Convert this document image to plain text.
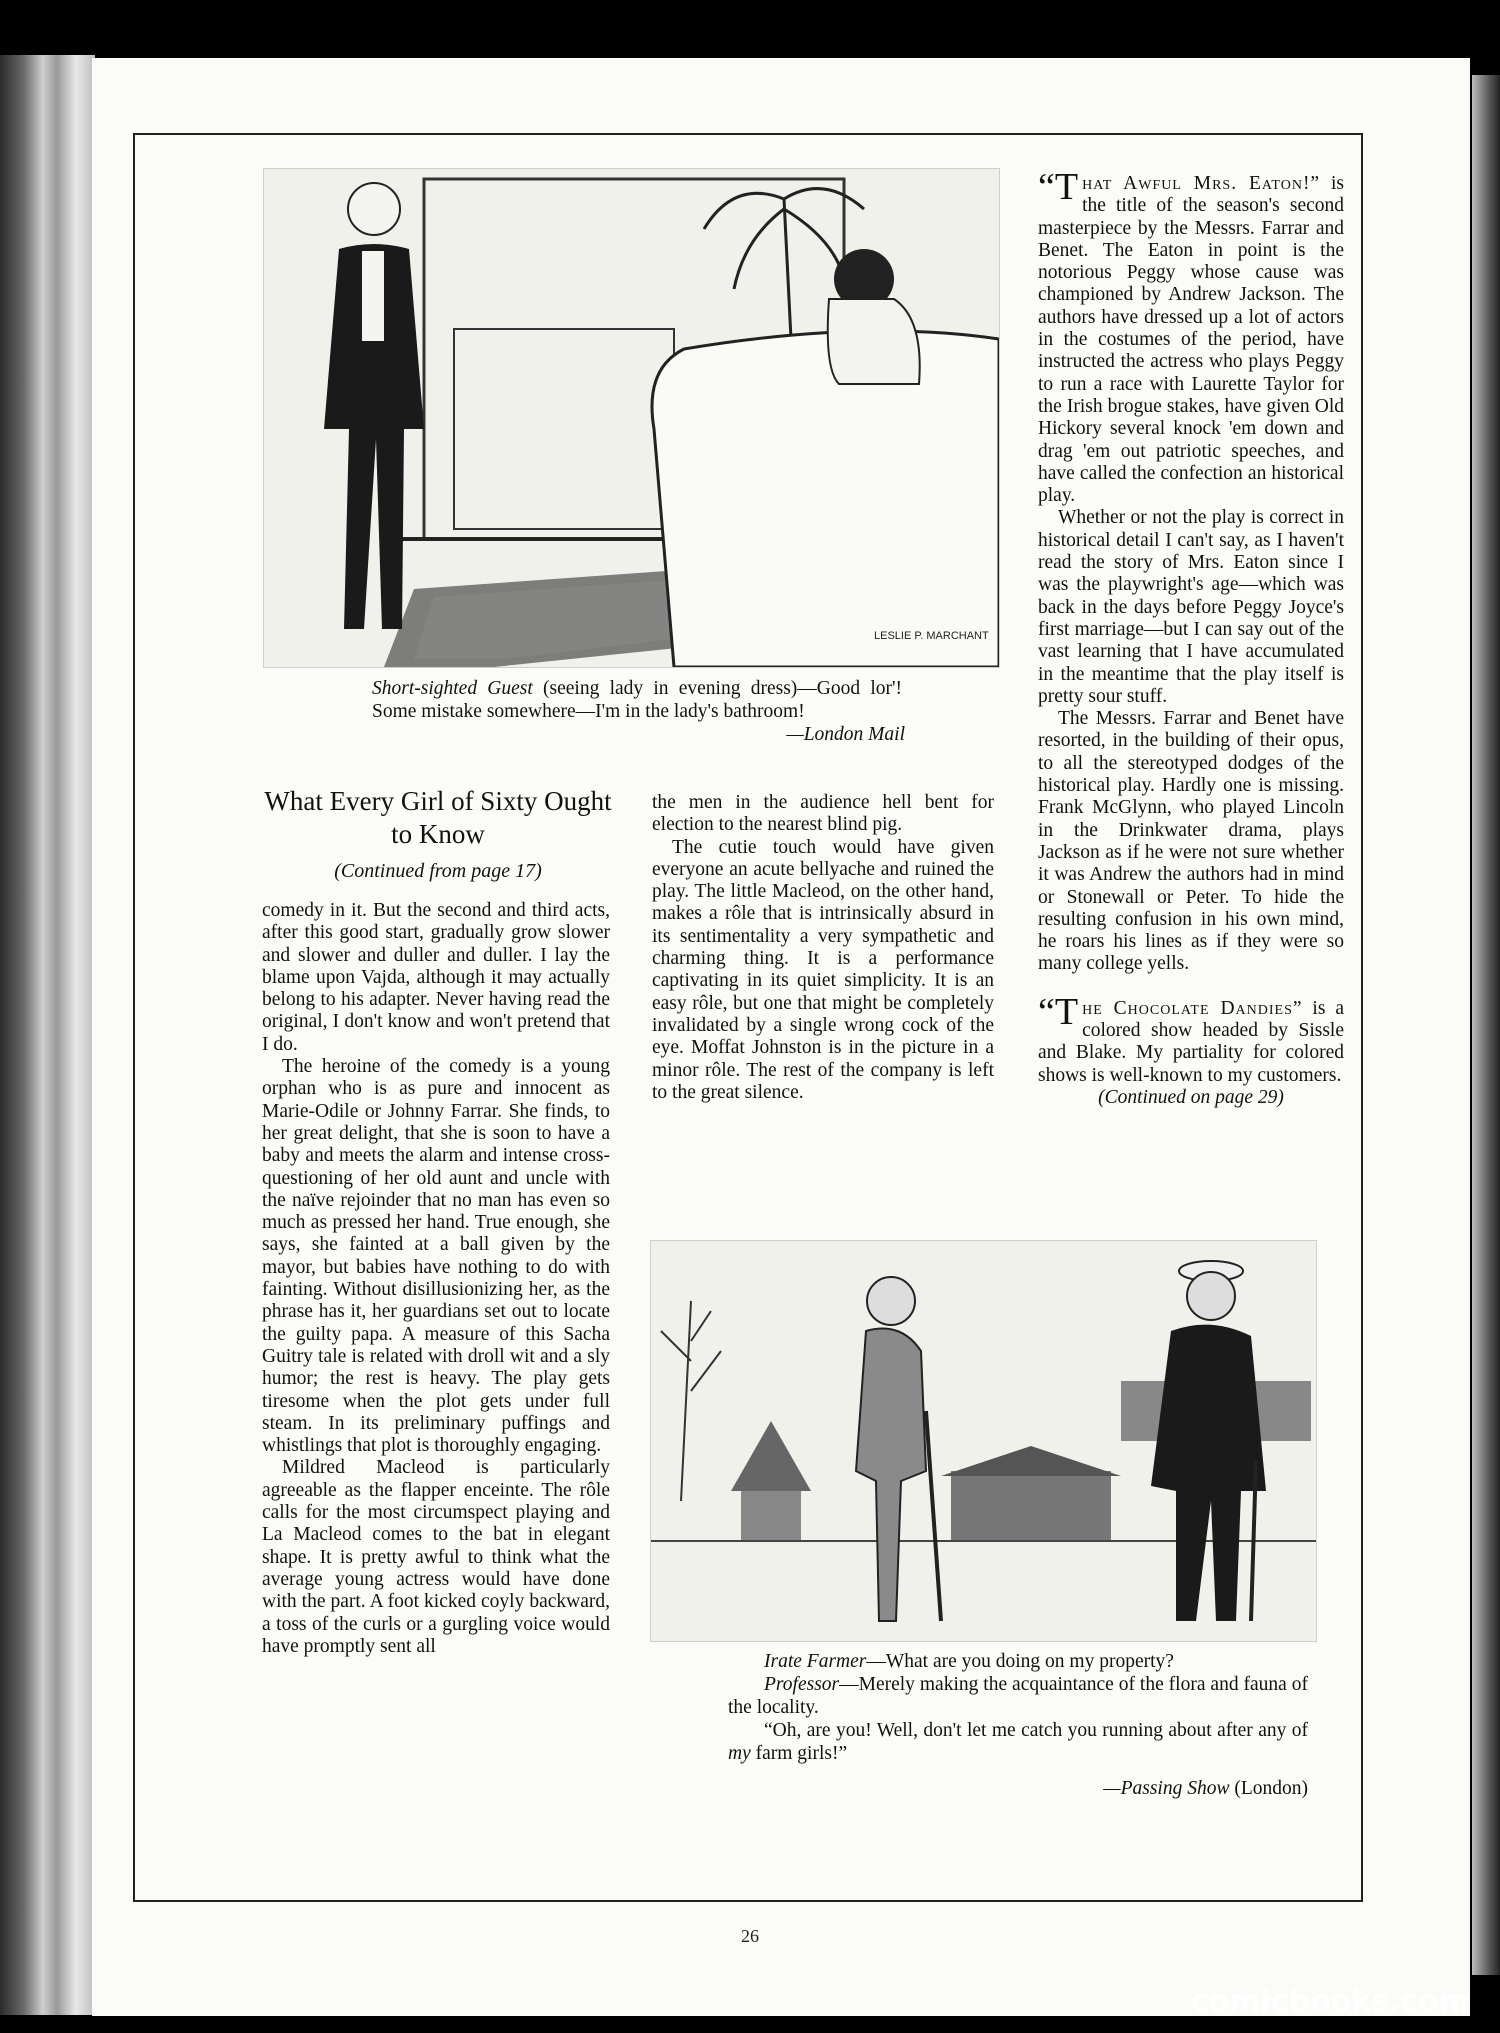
LESLIE P. MARCHANT
Short-sighted Guest (seeing lady in evening dress)—Good lor'! Some mistake somewhere—I'm in the lady's bathroom!
—London Mail
What Every Girl of Sixty Ought to Know
(Continued from page 17)

comedy in it. But the second and third acts, after this good start, gradually grow slower and slower and duller and duller. I lay the blame upon Vajda, although it may actually belong to his adapter. Never having read the original, I don't know and won't pretend that I do.

The heroine of the comedy is a young orphan who is as pure and innocent as Marie-Odile or Johnny Farrar. She finds, to her great delight, that she is soon to have a baby and meets the alarm and intense cross-questioning of her old aunt and uncle with the naïve rejoinder that no man has even so much as pressed her hand. True enough, she says, she fainted at a ball given by the mayor, but babies have nothing to do with fainting. Without disillusionizing her, as the phrase has it, her guardians set out to locate the guilty papa. A measure of this Sacha Guitry tale is related with droll wit and a sly humor; the rest is heavy. The play gets tiresome when the plot gets under full steam. In its preliminary puffings and whistlings that plot is thoroughly engaging.

Mildred Macleod is particularly agreeable as the flapper enceinte. The rôle calls for the most circumspect playing and La Macleod comes to the bat in elegant shape. It is pretty awful to think what the average young actress would have done with the part. A foot kicked coyly backward, a toss of the curls or a gurgling voice would have promptly sent all

the men in the audience hell bent for election to the nearest blind pig.

The cutie touch would have given everyone an acute bellyache and ruined the play. The little Macleod, on the other hand, makes a rôle that is intrinsically absurd in its sentimentality a very sympathetic and charming thing. It is a performance captivating in its quiet simplicity. It is an easy rôle, but one that might be completely invalidated by a single wrong cock of the eye. Moffat Johnston is in the picture in a minor rôle. The rest of the company is left to the great silence.

“That Awful Mrs. Eaton!” is the title of the season's second masterpiece by the Messrs. Farrar and Benet. The Eaton in point is the notorious Peggy whose cause was championed by Andrew Jackson. The authors have dressed up a lot of actors in the costumes of the period, have instructed the actress who plays Peggy to run a race with Laurette Taylor for the Irish brogue stakes, have given Old Hickory several knock 'em down and drag 'em out patriotic speeches, and have called the confection an historical play.

Whether or not the play is correct in historical detail I can't say, as I haven't read the story of Mrs. Eaton since I was the playwright's age—which was back in the days before Peggy Joyce's first marriage—but I can say out of the vast learning that I have accumulated in the meantime that the play itself is pretty sour stuff.

The Messrs. Farrar and Benet have resorted, in the building of their opus, to all the stereotyped dodges of the historical play. Hardly one is missing. Frank McGlynn, who played Lincoln in the Drinkwater drama, plays Jackson as if he were not sure whether it was Andrew the authors had in mind or Stonewall or Peter. To hide the resulting confusion in his own mind, he roars his lines as if they were so many college yells.

“The Chocolate Dandies” is a colored show headed by Sissle and Blake. My partiality for colored shows is well-known to my customers.

(Continued on page 29)

Irate Farmer—What are you doing on my property?
Professor—Merely making the acquaintance of the flora and fauna of the locality.
“Oh, are you! Well, don't let me catch you running about after any of my farm girls!”
—Passing Show (London)
26
comicbooks.com
